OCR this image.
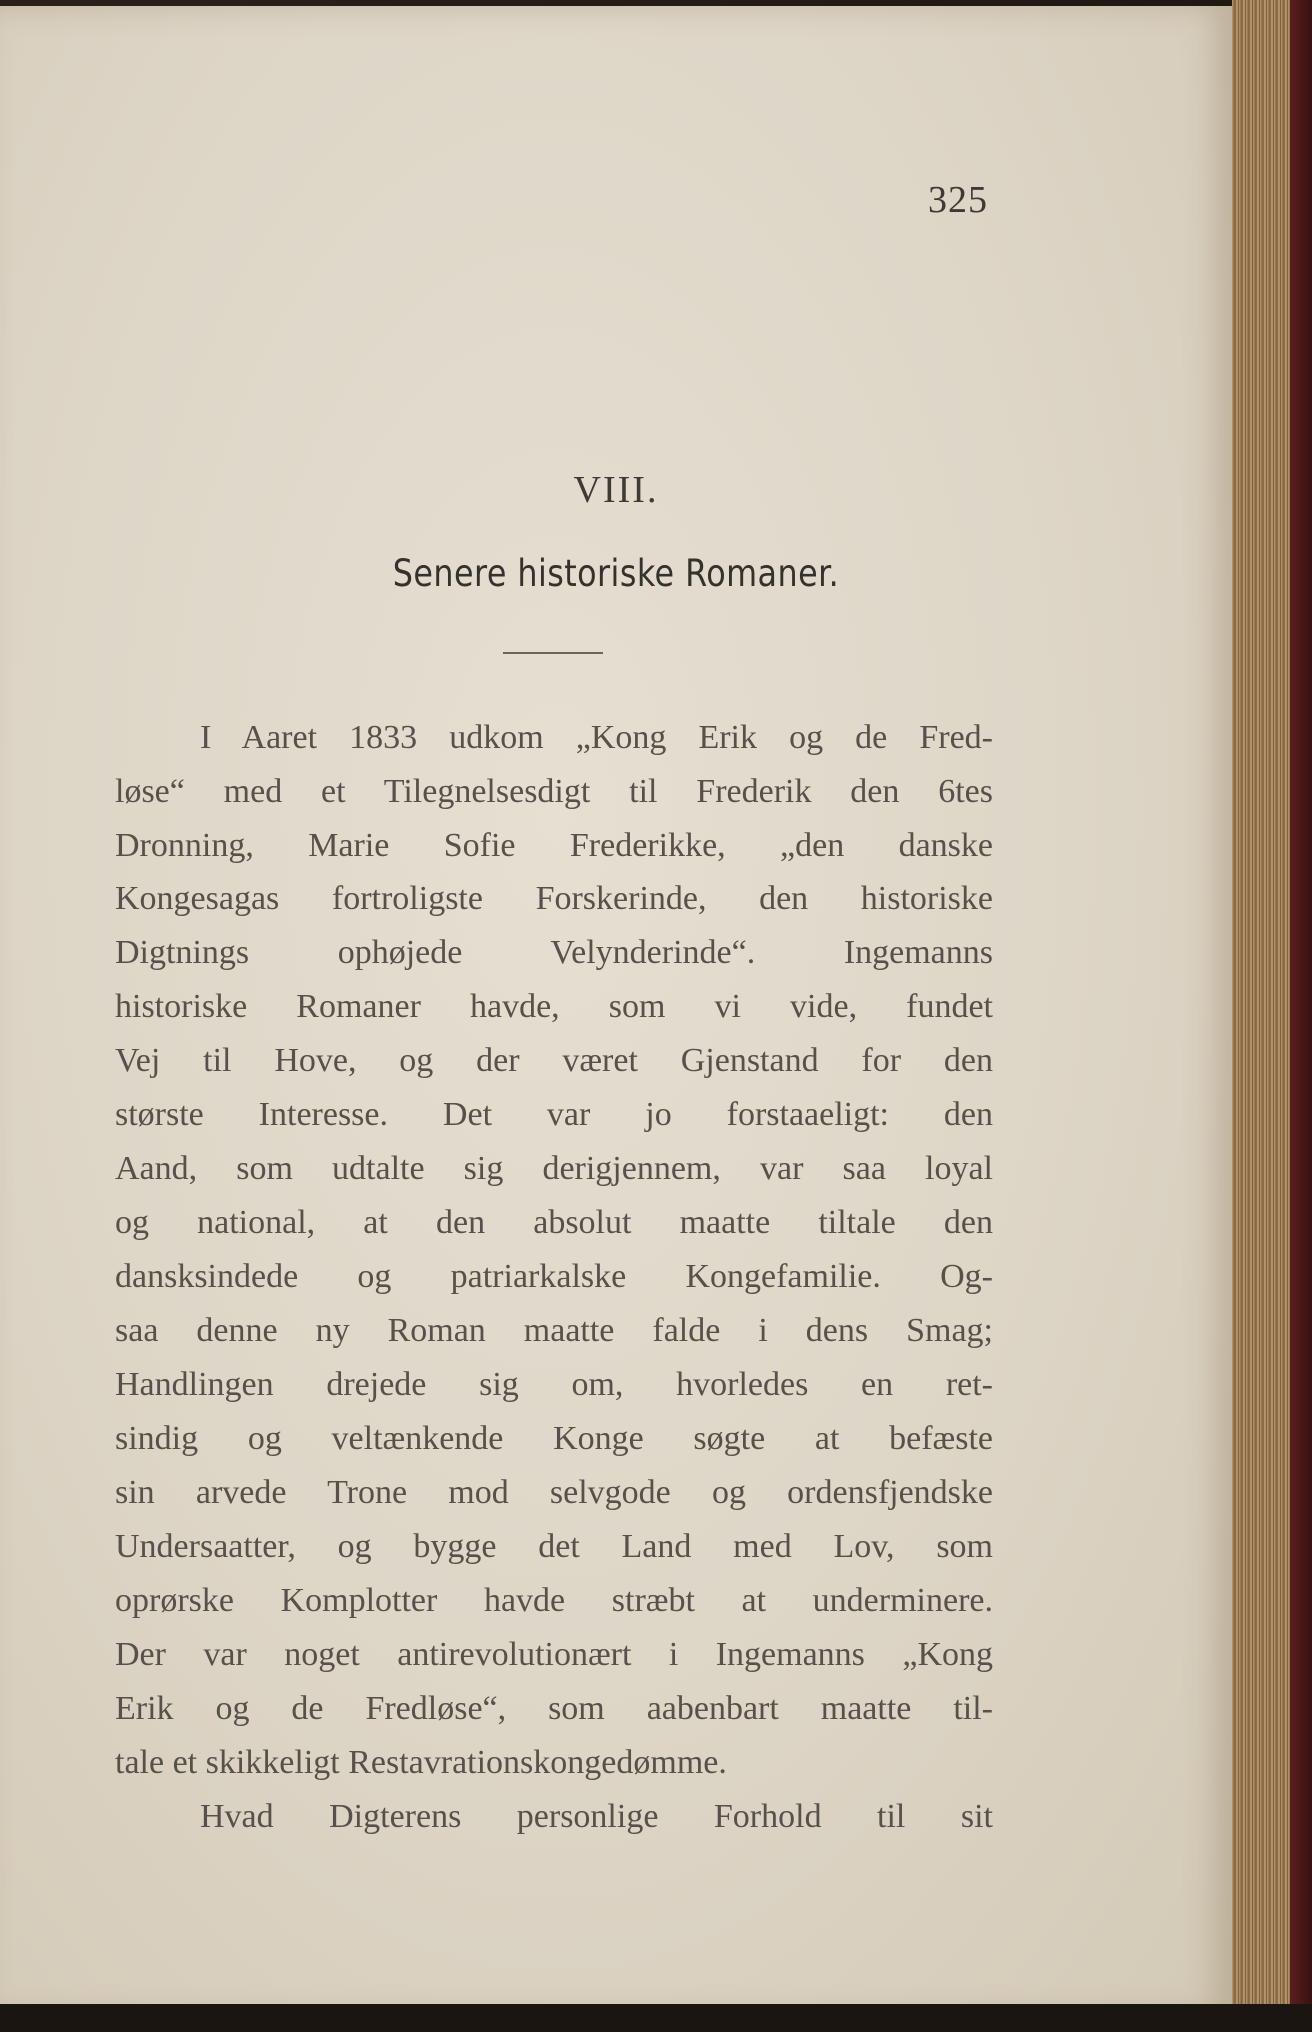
325
VIII.
Senere historiske Romaner.
I Aaret 1833 udkom „Kong Erik og de Fred-
løse“ med et Tilegnelsesdigt til Frederik den 6tes
Dronning, Marie Sofie Frederikke, „den danske
Kongesagas fortroligste Forskerinde, den historiske
Digtnings ophøjede Velynderinde“. Ingemanns
historiske Romaner havde, som vi vide, fundet
Vej til Hove, og der været Gjenstand for den
største Interesse. Det var jo forstaaeligt: den
Aand, som udtalte sig derigjennem, var saa loyal
og national, at den absolut maatte tiltale den
dansksindede og patriarkalske Kongefamilie. Og-
saa denne ny Roman maatte falde i dens Smag;
Handlingen drejede sig om, hvorledes en ret-
sindig og veltænkende Konge søgte at befæste
sin arvede Trone mod selvgode og ordensfjendske
Undersaatter, og bygge det Land med Lov, som
oprørske Komplotter havde stræbt at underminere.
Der var noget antirevolutionært i Ingemanns „Kong
Erik og de Fredløse“, som aabenbart maatte til-
tale et skikkeligt Restavrationskongedømme.
Hvad Digterens personlige Forhold til sit
